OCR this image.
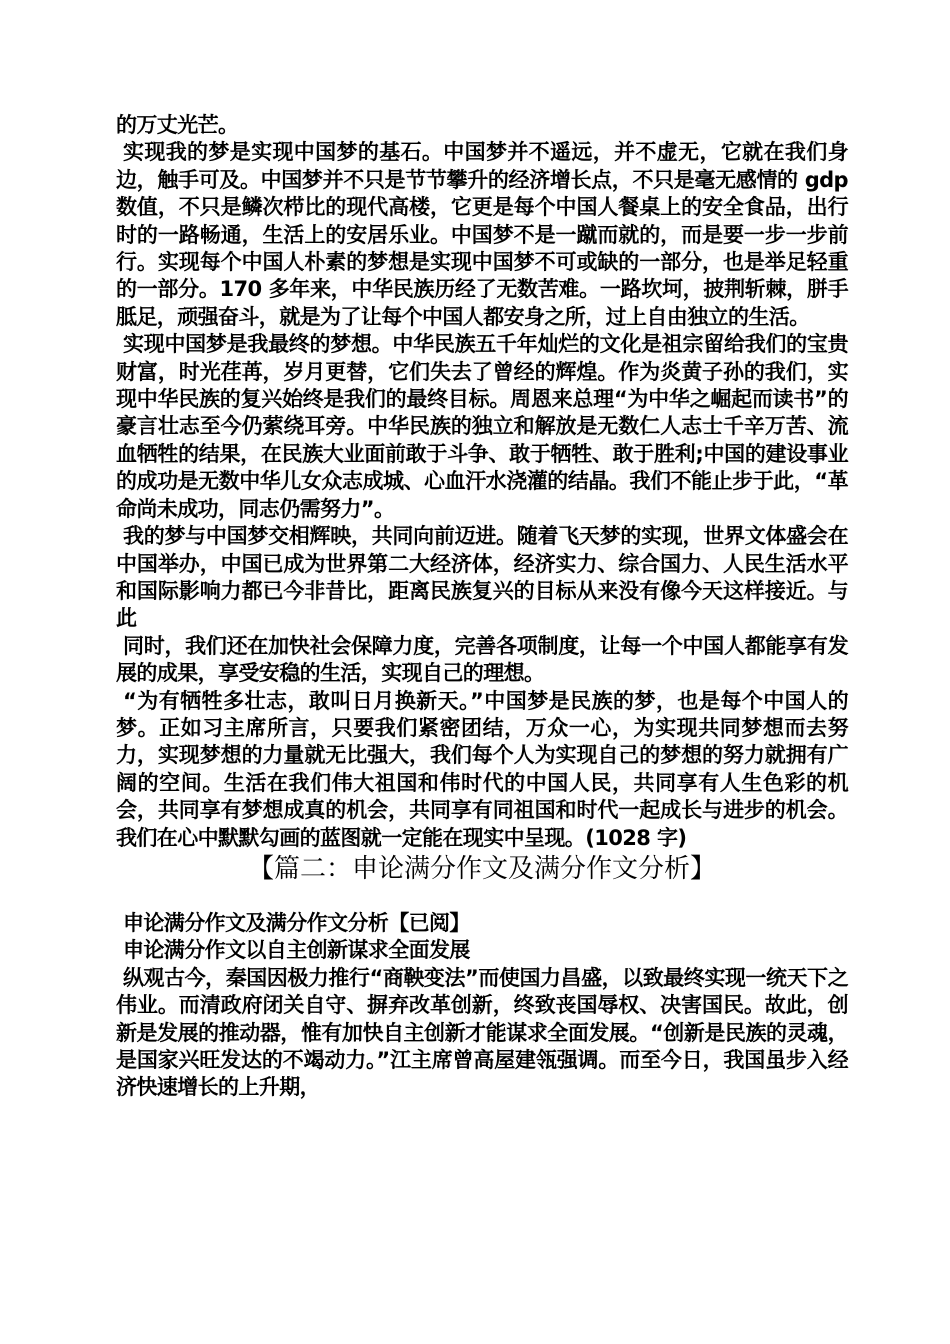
的万丈光芒。

实现我的梦是实现中国梦的基石。中国梦并不遥远，并不虚无，它就在我们身边，触手可及。中国梦并不只是节节攀升的经济增长点，不只是毫无感情的 gdp 数值，不只是鳞次栉比的现代高楼，它更是每个中国人餐桌上的安全食品，出行时的一路畅通，生活上的安居乐业。中国梦不是一蹴而就的，而是要一步一步前行。实现每个中国人朴素的梦想是实现中国梦不可或缺的一部分，也是举足轻重的一部分。170 多年来，中华民族历经了无数苦难。一路坎坷，披荆斩棘，胼手胝足，顽强奋斗，就是为了让每个中国人都安身之所，过上自由独立的生活。

实现中国梦是我最终的梦想。中华民族五千年灿烂的文化是祖宗留给我们的宝贵财富，时光荏苒，岁月更替，它们失去了曾经的辉煌。作为炎黄子孙的我们，实现中华民族的复兴始终是我们的最终目标。周恩来总理“为中华之崛起而读书”的豪言壮志至今仍萦绕耳旁。中华民族的独立和解放是无数仁人志士千辛万苦、流血牺牲的结果，在民族大业面前敢于斗争、敢于牺牲、敢于胜利;中国的建设事业的成功是无数中华儿女众志成城、心血汗水浇灌的结晶。我们不能止步于此，“革命尚未成功，同志仍需努力”。

我的梦与中国梦交相辉映，共同向前迈进。随着飞天梦的实现，世界文体盛会在中国举办，中国已成为世界第二大经济体，经济实力、综合国力、人民生活水平和国际影响力都已今非昔比，距离民族复兴的目标从来没有像今天这样接近。与此

同时，我们还在加快社会保障力度，完善各项制度，让每一个中国人都能享有发展的成果，享受安稳的生活，实现自己的理想。

“为有牺牲多壮志，敢叫日月换新天。”中国梦是民族的梦，也是每个中国人的梦。正如习主席所言，只要我们紧密团结，万众一心，为实现共同梦想而去努力，实现梦想的力量就无比强大，我们每个人为实现自己的梦想的努力就拥有广阔的空间。生活在我们伟大祖国和伟时代的中国人民，共同享有人生色彩的机会，共同享有梦想成真的机会，共同享有同祖国和时代一起成长与进步的机会。我们在心中默默勾画的蓝图就一定能在现实中呈现。(1028 字)

【篇二：申论满分作文及满分作文分析】

申论满分作文及满分作文分析【已阅】

申论满分作文以自主创新谋求全面发展

纵观古今，秦国因极力推行“商鞅变法”而使国力昌盛，以致最终实现一统天下之伟业。而清政府闭关自守、摒弃改革创新，终致丧国辱权、决害国民。故此，创新是发展的推动器，惟有加快自主创新才能谋求全面发展。“创新是民族的灵魂，是国家兴旺发达的不竭动力。”江主席曾高屋建瓴强调。而至今日，我国虽步入经济快速增长的上升期，
